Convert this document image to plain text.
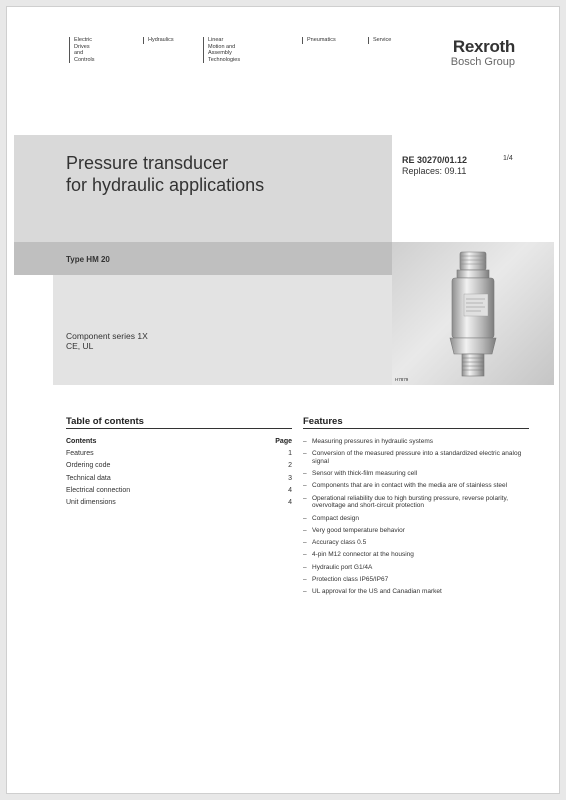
Electric Drives
and Controls
Hydraulics	Linear Motion and
Assembly Technologies
Pneumatics	Service	Rexroth
Bosch Group
Pressure transducer
for hydraulic applications
RE 30270/01.12
Replaces: 09.11
1/4
Type HM 20
Component series 1X
CE, UL
H7879
Table of contents
Contents	Page
Features	1
Ordering code	2
Technical data	3
Electrical connection	4
Unit dimensions	4
Features
– Measuring pressures in hydraulic systems
– Conversion of the measured pressure into a standardized electric analog signal
– Sensor with thick-film measuring cell
– Components that are in contact with the media are of stainless steel
– Operational reliability due to high bursting pressure, reverse polarity, overvoltage and short-circuit protection
– Compact design
– Very good temperature behavior
– Accuracy class 0.5
– 4-pin M12 connector at the housing
– Hydraulic port G1/4A
– Protection class IP65/IP67
– UL approval for the US and Canadian market
